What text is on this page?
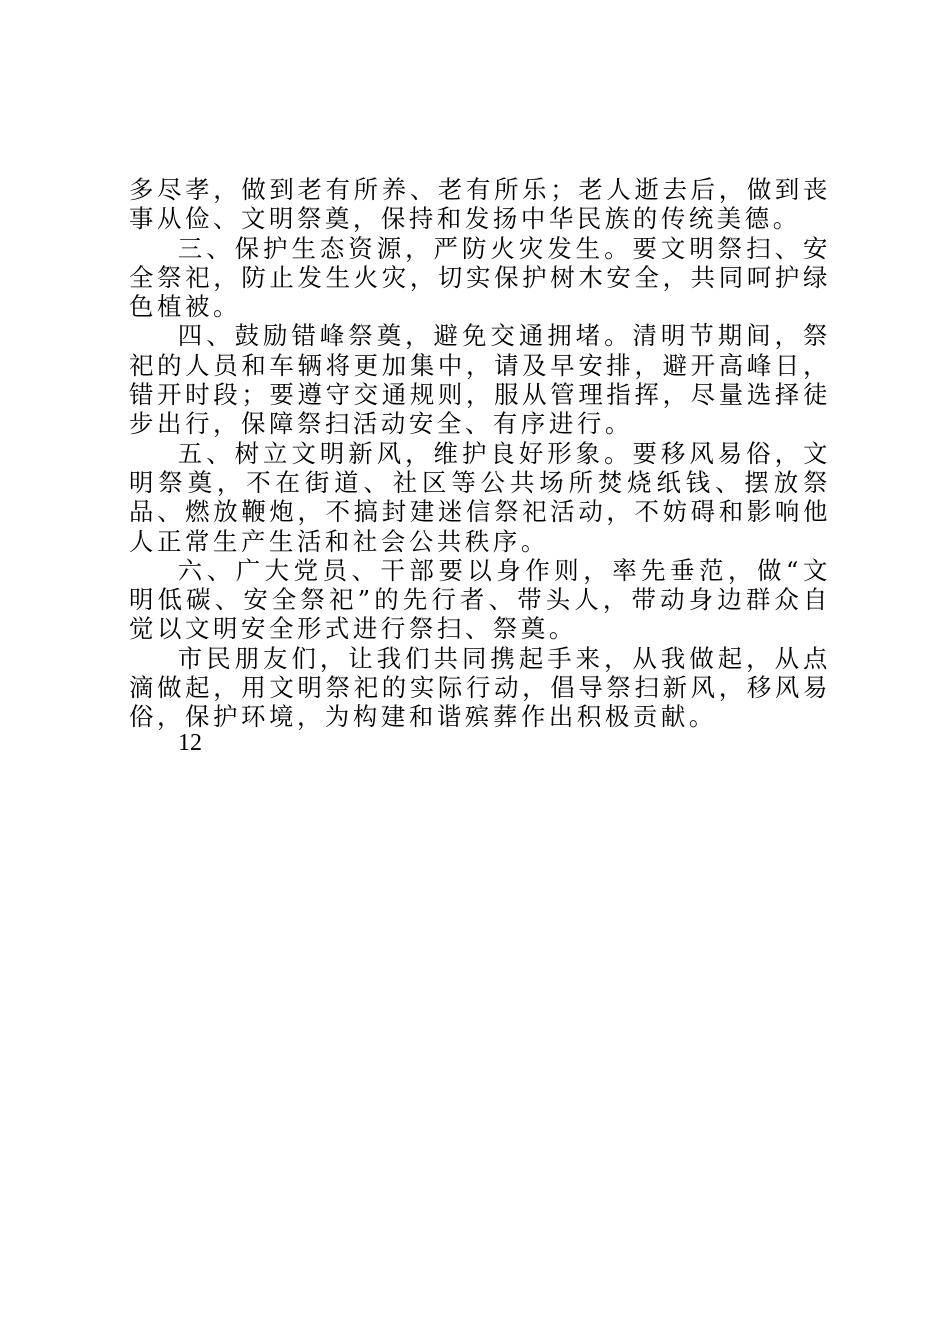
多尽孝，做到老有所养、老有所乐；老人逝去后，做到丧事从俭、文明祭奠，保持和发扬中华民族的传统美德。

三、保护生态资源，严防火灾发生。要文明祭扫、安全祭祀，防止发生火灾，切实保护树木安全，共同呵护绿色植被。

四、鼓励错峰祭奠，避免交通拥堵。清明节期间，祭祀的人员和车辆将更加集中，请及早安排，避开高峰日，错开时段；要遵守交通规则，服从管理指挥，尽量选择徒步出行，保障祭扫活动安全、有序进行。

五、树立文明新风，维护良好形象。要移风易俗，文明祭奠，不在街道、社区等公共场所焚烧纸钱、摆放祭品、燃放鞭炮，不搞封建迷信祭祀活动，不妨碍和影响他人正常生产生活和社会公共秩序。

六、广大党员、干部要以身作则，率先垂范，做“文明低碳、安全祭祀”的先行者、带头人，带动身边群众自觉以文明安全形式进行祭扫、祭奠。

市民朋友们，让我们共同携起手来，从我做起，从点滴做起，用文明祭祀的实际行动，倡导祭扫新风，移风易俗，保护环境，为构建和谐殡葬作出积极贡献。

12
